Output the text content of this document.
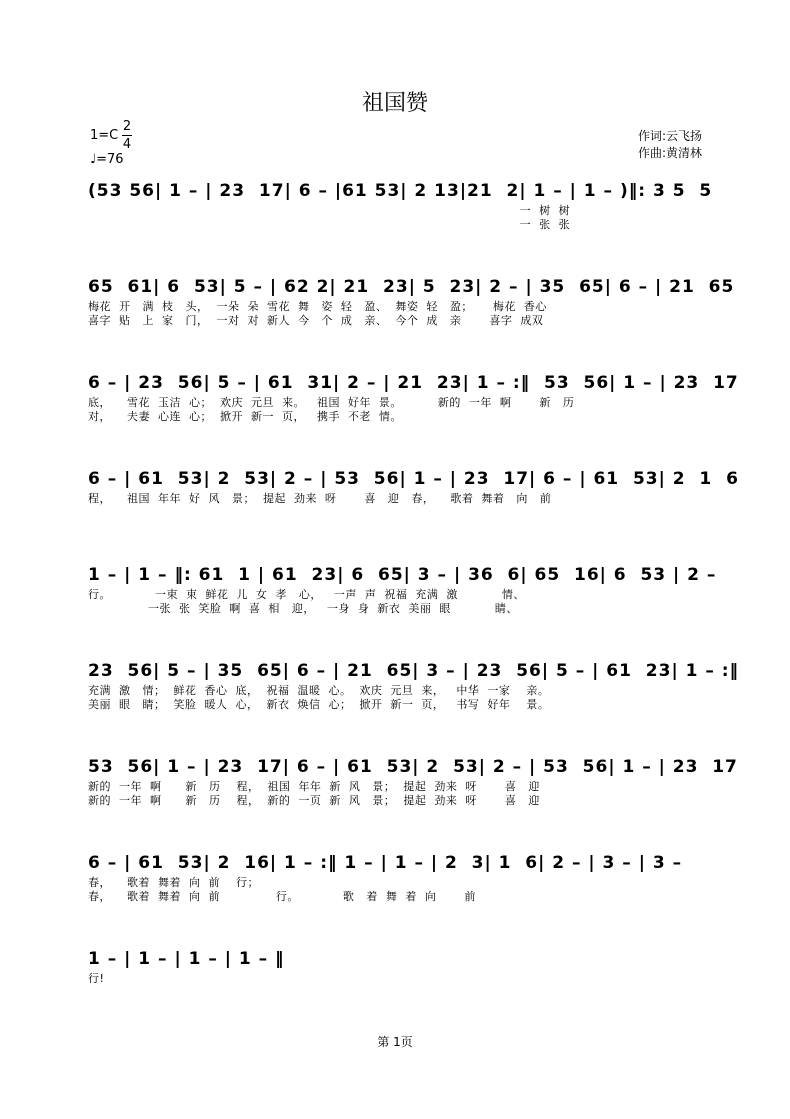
祖国赞
1=C
2
4
♩=76
作词:云飞扬
作曲:黄清林
(53 56| 1 – | 23  17| 6 – |61 53| 2 13|21  2| 1 – | 1 – )‖: 3 5  5
一  树  树
一  张  张
65  61| 6  53| 5 – | 62 2| 21  23| 5  23| 2 – | 35  65| 6 – | 21  65
梅花  开   满  枝   头，  一朵  朵  雪花  舞   姿  轻   盈、  舞姿  轻   盈；     梅花  香心
喜字  贴   上  家   门，  一对  对  新人  今   个  成   亲、  今个  成   亲       喜字  成双
6 – | 23  56| 5 – | 61  31| 2 – | 21  23| 1 – :‖  53  56| 1 – | 23  17
底，    雪花  玉洁  心；  欢庆  元旦  来。   祖国  好年  景。         新的  一年  啊       新   历
对，    夫妻  心连  心；  掀开  新一  页，   携手  不老  情。
6 – | 61  53| 2  53| 2 – | 53  56| 1 – | 23  17| 6 – | 61  53| 2  1  6
程，    祖国  年年  好  风   景；  提起  劲来  呀       喜   迎   春，    歌着  舞着   向   前
1 – | 1 – ‖: 61  1 | 61  23| 6  65| 3 – | 36  6| 65  16| 6  53 | 2 –
行。           一束  束  鲜花  儿  女  孝   心，   一声  声  祝福  充满  激           情、
一张  张  笑脸  啊  喜  相   迎，   一身  身  新衣  美丽  眼           睛、
23  56| 5 – | 35  65| 6 – | 21  65| 3 – | 23  56| 5 – | 61  23| 1 – :‖
充满  激   情；  鲜花  香心  底，  祝福  温暖  心。  欢庆  元旦  来，   中华  一家    亲。
美丽  眼   睛；  笑脸  暖人  心，  新衣  焕信  心；  掀开  新一  页，   书写  好年    景。
53  56| 1 – | 23  17| 6 – | 61  53| 2  53| 2 – | 53  56| 1 – | 23  17
新的  一年  啊      新   历    程，  祖国  年年  新  风   景；  提起  劲来  呀       喜   迎
新的  一年  啊      新   历    程，  新的  一页  新  风   景；  提起  劲来  呀       喜   迎
6 – | 61  53| 2  16| 1 – :‖ 1 – | 1 – | 2  3| 1  6| 2 – | 3 – | 3 –
春，    歌着  舞着  向  前    行；
春，    歌着  舞着  向  前              行。           歌   着  舞  着  向       前
1 – | 1 – | 1 – | 1 – ‖
行!
第 1页
